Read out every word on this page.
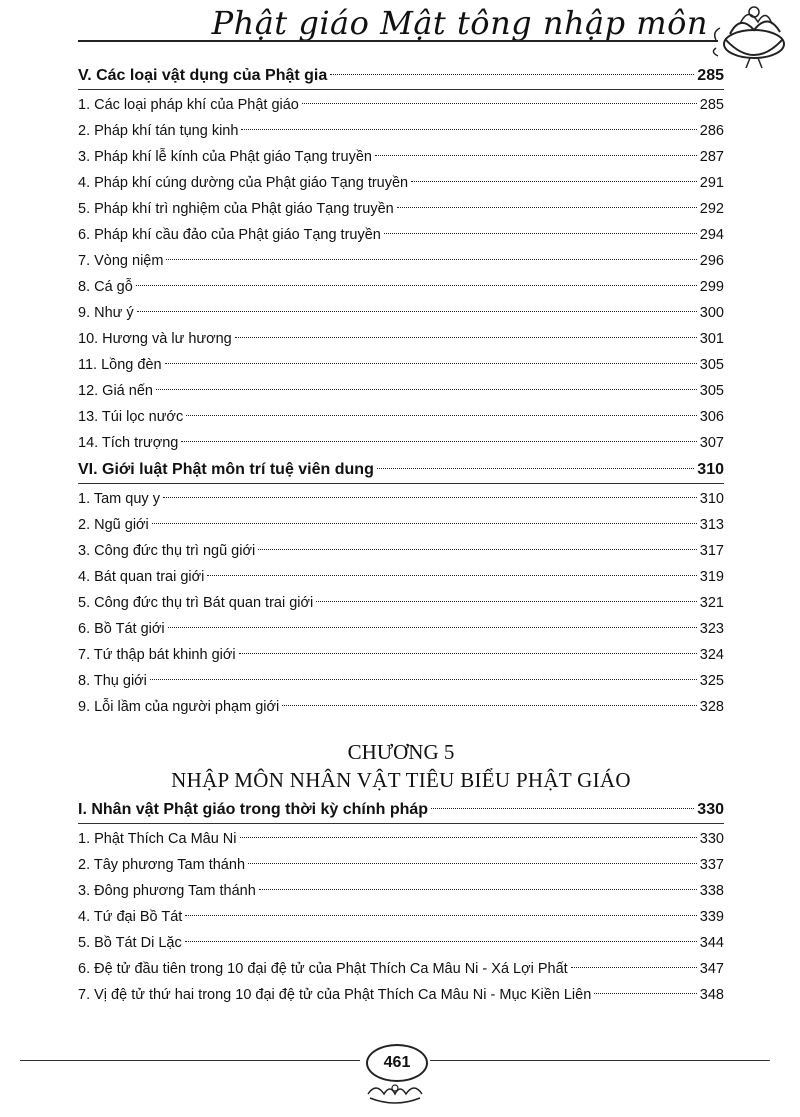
Phật giáo Mật tông nhập môn
V. Các loại vật dụng của Phật gia	285
1. Các loại pháp khí của Phật giáo	285
2. Pháp khí tán tụng kinh	286
3. Pháp khí lễ kính của Phật giáo Tạng truyền	287
4. Pháp khí cúng dường của Phật giáo Tạng truyền	291
5. Pháp khí trì nghiệm của Phật giáo Tạng truyền	292
6. Pháp khí cầu đảo của Phật giáo Tạng truyền	294
7. Vòng niệm	296
8. Cá gỗ	299
9. Như ý	300
10. Hương và lư hương	301
11. Lồng đèn	305
12. Giá nến	305
13. Túi lọc nước	306
14. Tích trượng	307
VI. Giới luật Phật môn trí tuệ viên dung	310
1. Tam quy y	310
2. Ngũ giới	313
3. Công đức thụ trì ngũ giới	317
4. Bát quan trai giới	319
5. Công đức thụ trì Bát quan trai giới	321
6. Bồ Tát giới	323
7. Tứ thập bát khinh giới	324
8. Thụ giới	325
9. Lỗi lầm của người phạm giới	328
CHƯƠNG 5
NHẬP MÔN NHÂN VẬT TIÊU BIỂU PHẬT GIÁO
I. Nhân vật Phật giáo trong thời kỳ chính pháp	330
1. Phật Thích Ca Mâu Ni	330
2. Tây phương Tam thánh	337
3. Đông phương Tam thánh	338
4. Tứ đại Bồ Tát	339
5. Bồ Tát Di Lặc	344
6. Đệ tử đầu tiên trong 10 đại đệ tử của Phật Thích Ca Mâu Ni - Xá Lợi Phất	347
7. Vị đệ tử thứ hai trong 10 đại đệ tử của Phật Thích Ca Mâu Ni - Mục Kiền Liên	348
461
